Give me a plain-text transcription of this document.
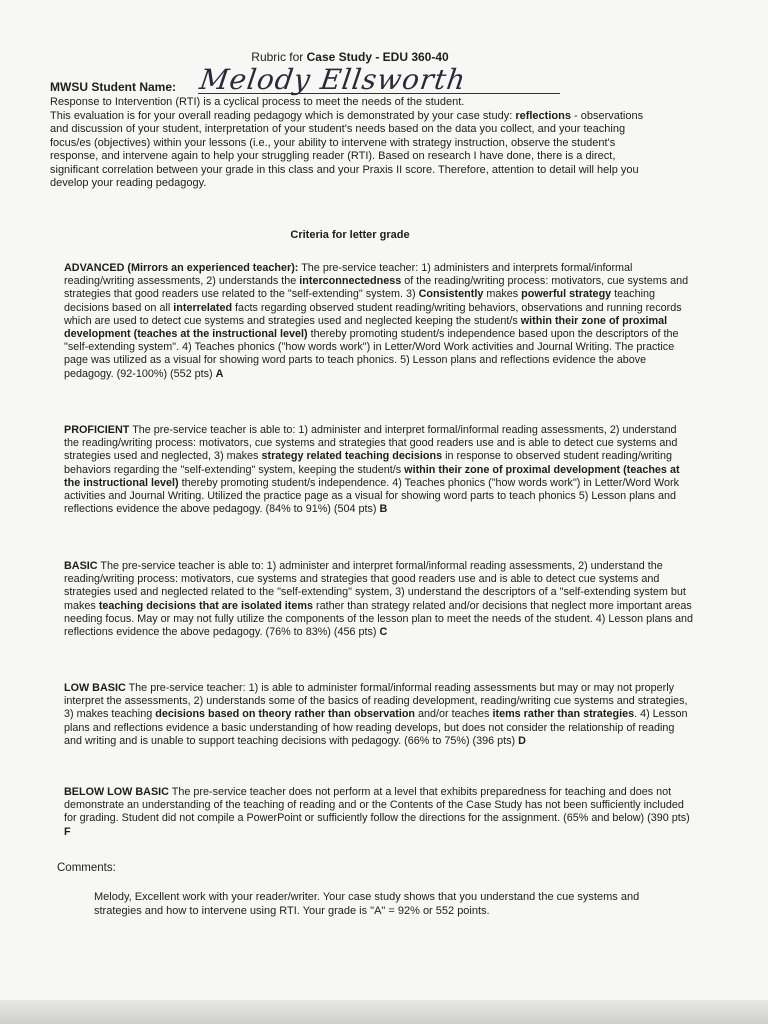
Rubric for Case Study - EDU 360-40
MWSU Student Name: Melody Ellsworth
Response to Intervention (RTI) is a cyclical process to meet the needs of the student.
This evaluation is for your overall reading pedagogy which is demonstrated by your case study: reflections - observations and discussion of your student, interpretation of your student's needs based on the data you collect, and your teaching focus/es (objectives) within your lessons (i.e., your ability to intervene with strategy instruction, observe the student's response, and intervene again to help your struggling reader (RTI). Based on research I have done, there is a direct, significant correlation between your grade in this class and your Praxis II score. Therefore, attention to detail will help you develop your reading pedagogy.
Criteria for letter grade
ADVANCED (Mirrors an experienced teacher): The pre-service teacher: 1) administers and interprets formal/informal reading/writing assessments, 2) understands the interconnectedness of the reading/writing process: motivators, cue systems and strategies that good readers use related to the "self-extending" system. 3) Consistently makes powerful strategy teaching decisions based on all interrelated facts regarding observed student reading/writing behaviors, observations and running records which are used to detect cue systems and strategies used and neglected keeping the student/s within their zone of proximal development (teaches at the instructional level) thereby promoting student/s independence based upon the descriptors of the "self-extending system". 4) Teaches phonics ("how words work") in Letter/Word Work activities and Journal Writing. The practice page was utilized as a visual for showing word parts to teach phonics. 5) Lesson plans and reflections evidence the above pedagogy. (92-100%) (552 pts) A
PROFICIENT The pre-service teacher is able to: 1) administer and interpret formal/informal reading assessments, 2) understand the reading/writing process: motivators, cue systems and strategies that good readers use and is able to detect cue systems and strategies used and neglected, 3) makes strategy related teaching decisions in response to observed student reading/writing behaviors regarding the "self-extending" system, keeping the student/s within their zone of proximal development (teaches at the instructional level) thereby promoting student/s independence. 4) Teaches phonics ("how words work") in Letter/Word Work activities and Journal Writing. Utilized the practice page as a visual for showing word parts to teach phonics 5) Lesson plans and reflections evidence the above pedagogy. (84% to 91%) (504 pts) B
BASIC The pre-service teacher is able to: 1) administer and interpret formal/informal reading assessments, 2) understand the reading/writing process: motivators, cue systems and strategies that good readers use and is able to detect cue systems and strategies used and neglected related to the "self-extending" system, 3) understand the descriptors of a "self-extending system but makes teaching decisions that are isolated items rather than strategy related and/or decisions that neglect more important areas needing focus. May or may not fully utilize the components of the lesson plan to meet the needs of the student. 4) Lesson plans and reflections evidence the above pedagogy. (76% to 83%) (456 pts) C
LOW BASIC The pre-service teacher: 1) is able to administer formal/informal reading assessments but may or may not properly interpret the assessments, 2) understands some of the basics of reading development, reading/writing cue systems and strategies, 3) makes teaching decisions based on theory rather than observation and/or teaches items rather than strategies. 4) Lesson plans and reflections evidence a basic understanding of how reading develops, but does not consider the relationship of reading and writing and is unable to support teaching decisions with pedagogy. (66% to 75%) (396 pts) D
BELOW LOW BASIC The pre-service teacher does not perform at a level that exhibits preparedness for teaching and does not demonstrate an understanding of the teaching of reading and or the Contents of the Case Study has not been sufficiently included for grading. Student did not compile a PowerPoint or sufficiently follow the directions for the assignment. (65% and below) (390 pts) F
Comments:
Melody, Excellent work with your reader/writer. Your case study shows that you understand the cue systems and strategies and how to intervene using RTI. Your grade is "A" = 92% or 552 points.
